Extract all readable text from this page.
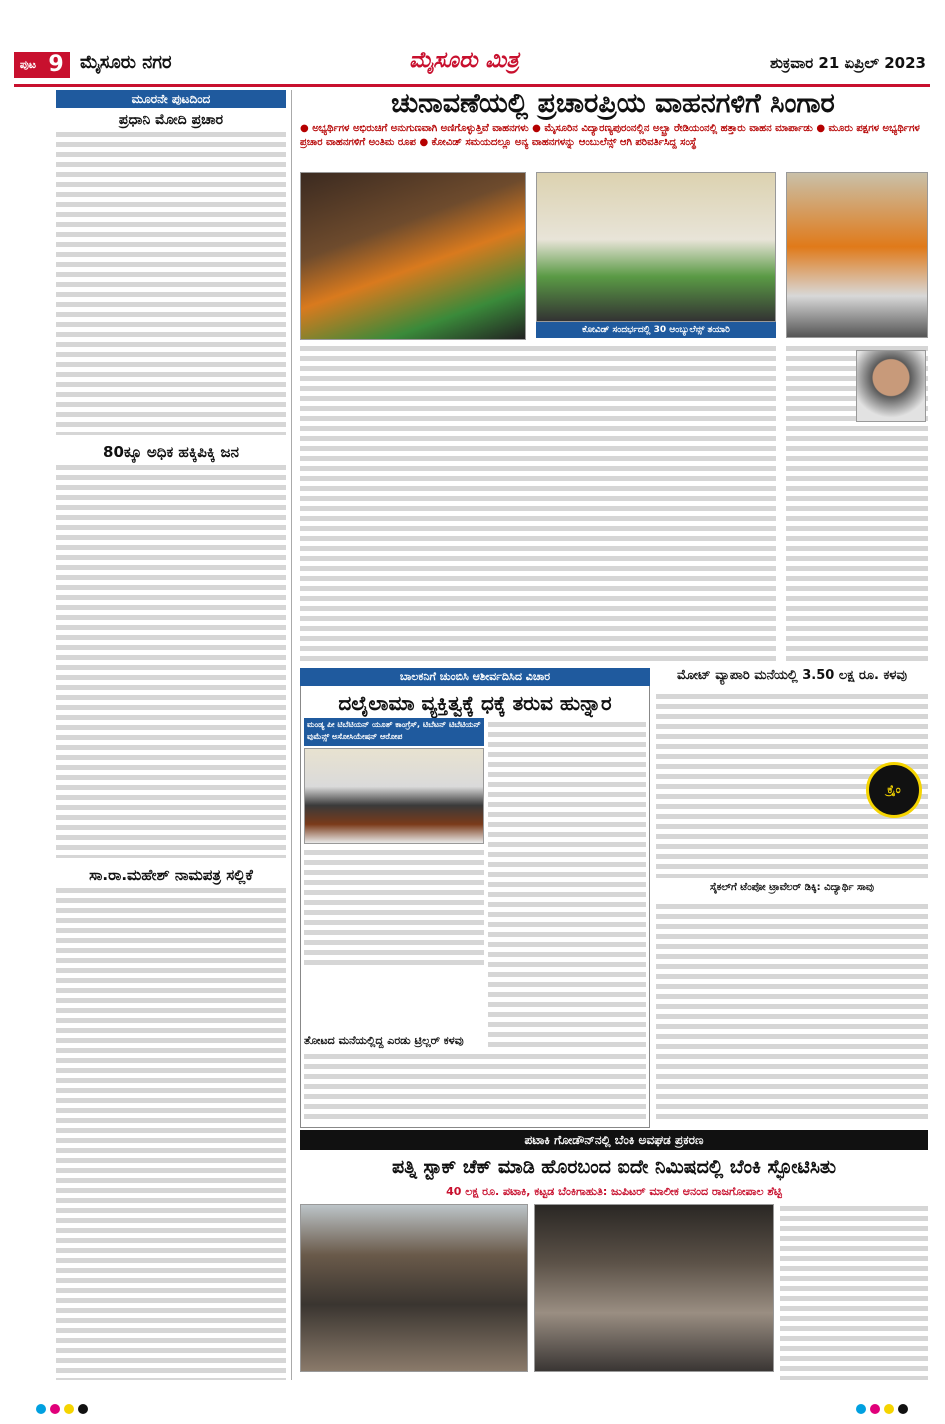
ಪುಟ 9 ಮೈಸೂರು ನಗರ	ಮೈಸೂರು ಮಿತ್ರ	ಶುಕ್ರವಾರ 21 ಏಪ್ರಿಲ್ 2023
ಮೂರನೇ ಪುಟದಿಂದ
ಪ್ರಧಾನಿ ಮೋದಿ ಪ್ರಚಾರ
80ಕ್ಕೂ ಅಧಿಕ ಹಕ್ಕಿಪಿಕ್ಕಿ ಜನ
ಸಾ.ರಾ.ಮಹೇಶ್ ನಾಮಪತ್ರ ಸಲ್ಲಿಕೆ
ಚುನಾವಣೆಯಲ್ಲಿ ಪ್ರಚಾರಪ್ರಿಯ ವಾಹನಗಳಿಗೆ ಸಿಂಗಾರ
● ಅಭ್ಯರ್ಥಿಗಳ ಅಭಿರುಚಿಗೆ ಅನುಗುಣವಾಗಿ ಅಣಿಗೊಳ್ಳುತ್ತಿವೆ ವಾಹನಗಳು ● ಮೈಸೂರಿನ ವಿದ್ಯಾರಣ್ಯಪುರಂನಲ್ಲಿನ ಅಲ್ಟ್ರಾ ರೇಡಿಯಂನಲ್ಲಿ ಹತ್ತಾರು ವಾಹನ ಮಾರ್ಪಾಡು ● ಮೂರು ಪಕ್ಷಗಳ ಅಭ್ಯರ್ಥಿಗಳ ಪ್ರಚಾರ ವಾಹನಗಳಿಗೆ ಅಂತಿಮ ರೂಪ ● ಕೋವಿಡ್ ಸಮಯದಲ್ಲೂ ಅನ್ಯ ವಾಹನಗಳನ್ನು ಆಂಬುಲೆನ್ಸ್ ಆಗಿ ಪರಿವರ್ತಿಸಿದ್ದ ಸಂಸ್ಥೆ
ಕೋವಿಡ್ ಸಂದರ್ಭದಲ್ಲಿ 30 ಆಂಬ್ಯುಲೆನ್ಸ್ ತಯಾರಿ
ಬಾಲಕನಿಗೆ ಚುಂಬಿಸಿ ಆಶೀರ್ವದಿಸಿದ ವಿಚಾರ
ದಲೈಲಾಮಾ ವ್ಯಕ್ತಿತ್ವಕ್ಕೆ ಧಕ್ಕೆ ತರುವ ಹುನ್ನಾರ
ಮಂಡ್ಯ ಪೀ ಟಿಬೆಟಿಯನ್ ಯೂತ್ ಕಾಂಗ್ರೆಸ್, ಟಿಬೆಟನ್ ಟಿಬೆಟಿಯನ್ ವುಮೆನ್ಸ್ ಅಸೋಸಿಯೇಷನ್ ಆರೋಪ
ತೋಟದ ಮನೆಯಲ್ಲಿದ್ದ ಎರಡು ಟ್ರಿಲ್ಲರ್ ಕಳವು
ಮೋಟ್ ವ್ಯಾಪಾರಿ ಮನೆಯಲ್ಲಿ 3.50 ಲಕ್ಷ ರೂ. ಕಳವು
ಕ್ರೈಂ
ಸೈಕಲ್‌ಗೆ ಟೆಂಪೋ ಟ್ರಾವೆಲರ್ ಡಿಕ್ಕಿ: ವಿದ್ಯಾರ್ಥಿ ಸಾವು
ಪಟಾಕಿ ಗೋಡೌನ್‌ನಲ್ಲಿ ಬೆಂಕಿ ಅವಘಡ ಪ್ರಕರಣ
ಪತ್ನಿ ಸ್ಟಾಕ್ ಚೆಕ್ ಮಾಡಿ ಹೊರಬಂದ ಐದೇ ನಿಮಿಷದಲ್ಲಿ ಬೆಂಕಿ ಸ್ಫೋಟಿಸಿತು
40 ಲಕ್ಷ ರೂ. ಪಟಾಕಿ, ಕಟ್ಟಡ ಬೆಂಕಿಗಾಹುತಿ: ಜುಪಿಟರ್ ಮಾಲೀಕ ಆನಂದ ರಾಜಗೋಪಾಲ ಶೆಟ್ಟಿ
